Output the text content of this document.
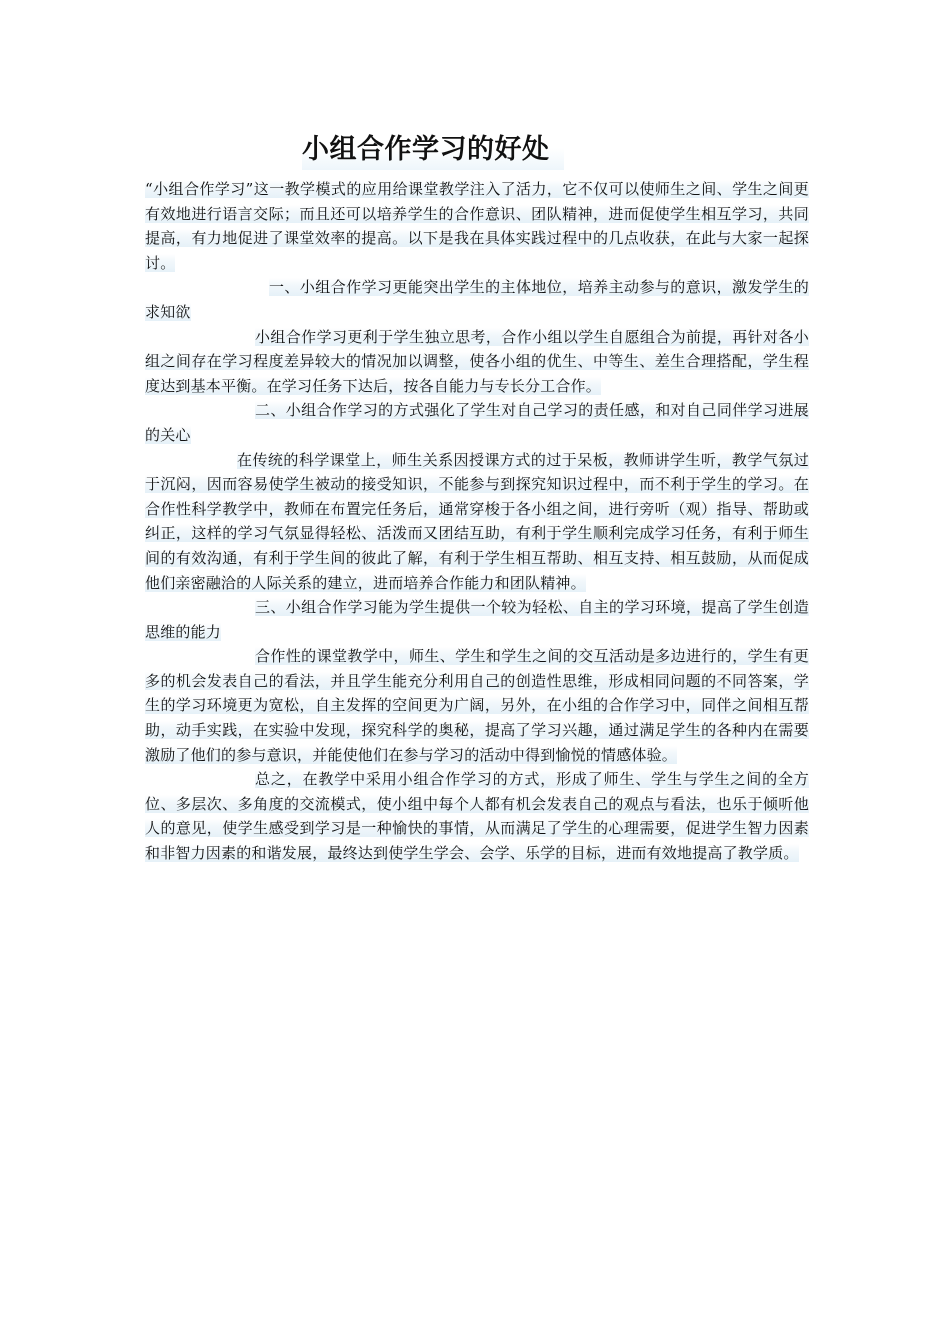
小组合作学习的好处

“小组合作学习”这一教学模式的应用给课堂教学注入了活力，它不仅可以使师生之间、学生之间更有效地进行语言交际；而且还可以培养学生的合作意识、团队精神，进而促使学生相互学习，共同提高，有力地促进了课堂效率的提高。以下是我在具体实践过程中的几点收获，在此与大家一起探讨。

一、小组合作学习更能突出学生的主体地位，培养主动参与的意识，激发学生的求知欲

小组合作学习更利于学生独立思考，合作小组以学生自愿组合为前提，再针对各小组之间存在学习程度差异较大的情况加以调整，使各小组的优生、中等生、差生合理搭配，学生程度达到基本平衡。在学习任务下达后，按各自能力与专长分工合作。

二、小组合作学习的方式强化了学生对自己学习的责任感，和对自己同伴学习进展的关心

在传统的科学课堂上，师生关系因授课方式的过于呆板，教师讲学生听，教学气氛过于沉闷，因而容易使学生被动的接受知识，不能参与到探究知识过程中，而不利于学生的学习。在合作性科学教学中，教师在布置完任务后，通常穿梭于各小组之间，进行旁听（观）指导、帮助或纠正，这样的学习气氛显得轻松、活泼而又团结互助，有利于学生顺利完成学习任务，有利于师生间的有效沟通，有利于学生间的彼此了解，有利于学生相互帮助、相互支持、相互鼓励，从而促成他们亲密融洽的人际关系的建立，进而培养合作能力和团队精神。

三、小组合作学习能为学生提供一个较为轻松、自主的学习环境，提高了学生创造思维的能力

合作性的课堂教学中，师生、学生和学生之间的交互活动是多边进行的，学生有更多的机会发表自己的看法，并且学生能充分利用自己的创造性思维，形成相同问题的不同答案，学生的学习环境更为宽松，自主发挥的空间更为广阔，另外，在小组的合作学习中，同伴之间相互帮助，动手实践，在实验中发现，探究科学的奥秘，提高了学习兴趣，通过满足学生的各种内在需要激励了他们的参与意识，并能使他们在参与学习的活动中得到愉悦的情感体验。

总之，在教学中采用小组合作学习的方式，形成了师生、学生与学生之间的全方位、多层次、多角度的交流模式，使小组中每个人都有机会发表自己的观点与看法，也乐于倾听他人的意见，使学生感受到学习是一种愉快的事情，从而满足了学生的心理需要，促进学生智力因素和非智力因素的和谐发展，最终达到使学生学会、会学、乐学的目标，进而有效地提高了教学质。
